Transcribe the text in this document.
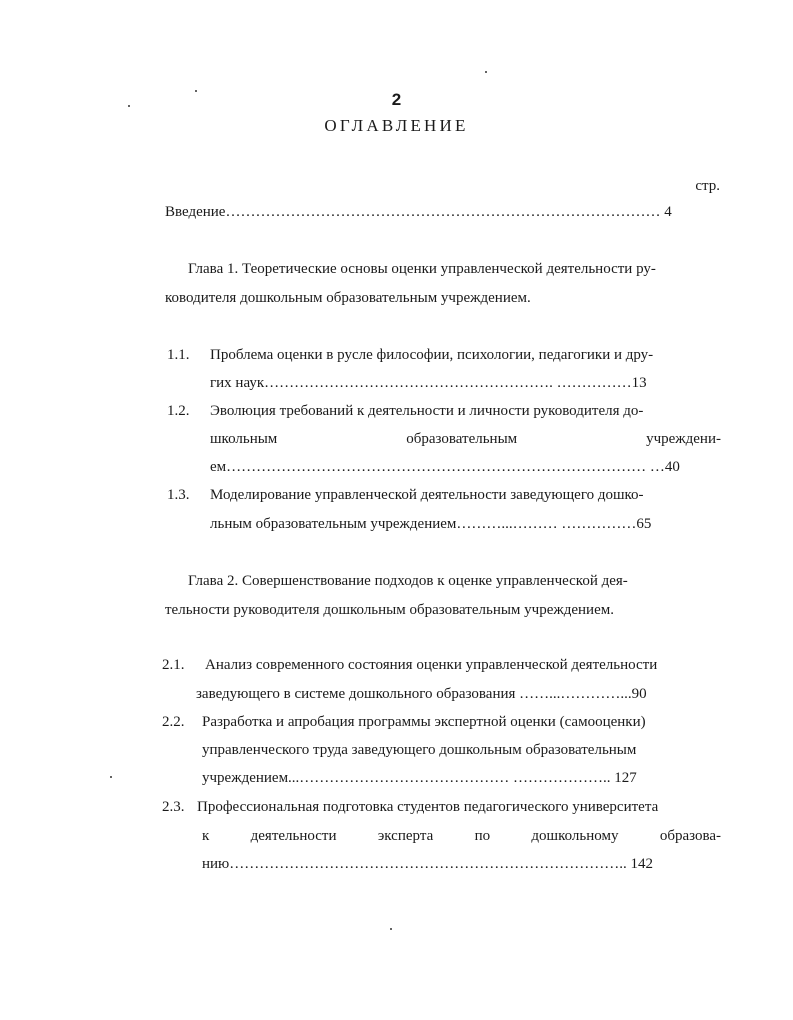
2
ОГЛАВЛЕНИЕ
стр.
Введение…………………………………………………………………………… 4
Глава 1. Теоретические основы оценки управленческой деятельности ру-
ководителя дошкольным образовательным учреждением.
1.1. Проблема оценки в русле философии, психологии, педагогики и дру-
гих наук…………………………………………………. ……………13
1.2. Эволюция требований к деятельности и личности руководителя до-
школьным	образовательным	учреждени-
ем………………………………………………………………………… …40
1.3. Моделирование управленческой деятельности заведующего дошко-
льным образовательным учреждением………...……… ……………65
Глава 2. Совершенствование подходов к оценке управленческой дея-
тельности руководителя дошкольным образовательным учреждением.
2.1. Анализ современного состояния оценки управленческой деятельности
заведующего в системе дошкольного образования ……...…………...90
2.2. Разработка и апробация программы экспертной оценки (самооценки)
управленческого труда заведующего дошкольным образовательным
учреждением...…………………………………… ……………….. 127
2.3. Профессиональная подготовка студентов педагогического университета
к	деятельности	эксперта	по	дошкольному	образова-
нию…………………………………………………………………….. 142
